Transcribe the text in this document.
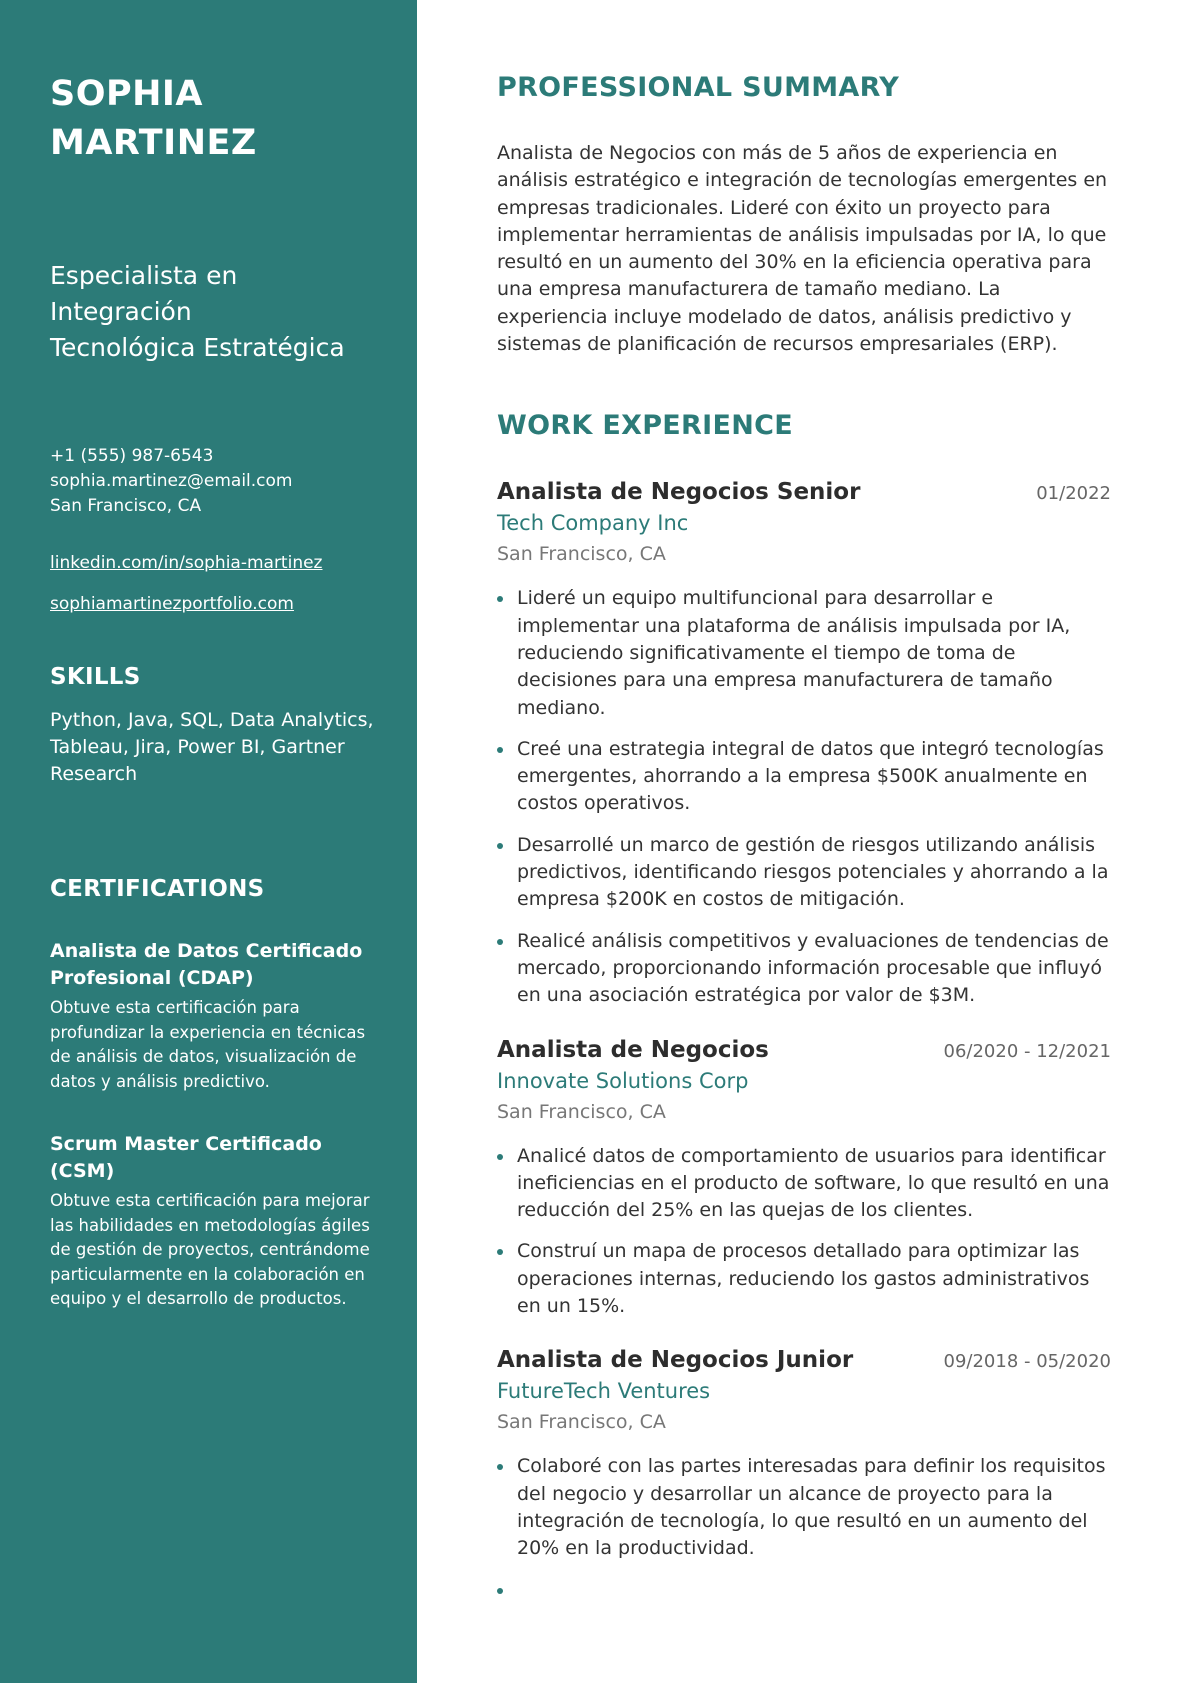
SOPHIA
MARTINEZ
Especialista en Integración
Tecnológica Estratégica
+1 (555) 987-6543
sophia.martinez@email.com
San Francisco, CA
linkedin.com/in/sophia-martinez
sophiamartinezportfolio.com
SKILLS
Python, Java, SQL, Data Analytics, Tableau, Jira, Power BI, Gartner Research
CERTIFICATIONS
Analista de Datos Certificado Profesional (CDAP)
Obtuve esta certificación para profundizar la experiencia en técnicas de análisis de datos, visualización de datos y análisis predictivo.
Scrum Master Certificado (CSM)
Obtuve esta certificación para mejorar las habilidades en metodologías ágiles de gestión de proyectos, centrándome particularmente en la colaboración en equipo y el desarrollo de productos.
PROFESSIONAL SUMMARY

Analista de Negocios con más de 5 años de experiencia en análisis estratégico e integración de tecnologías emergentes en empresas tradicionales. Lideré con éxito un proyecto para implementar herramientas de análisis impulsadas por IA, lo que resultó en un aumento del 30% en la eficiencia operativa para una empresa manufacturera de tamaño mediano. La experiencia incluye modelado de datos, análisis predictivo y sistemas de planificación de recursos empresariales (ERP).

WORK EXPERIENCE
Analista de Negocios Senior	01/2022
Tech Company Inc
San Francisco, CA
Lideré un equipo multifuncional para desarrollar e implementar una plataforma de análisis impulsada por IA, reduciendo significativamente el tiempo de toma de decisiones para una empresa manufacturera de tamaño mediano.
Creé una estrategia integral de datos que integró tecnologías emergentes, ahorrando a la empresa $500K anualmente en costos operativos.
Desarrollé un marco de gestión de riesgos utilizando análisis predictivos, identificando riesgos potenciales y ahorrando a la empresa $200K en costos de mitigación.
Realicé análisis competitivos y evaluaciones de tendencias de mercado, proporcionando información procesable que influyó en una asociación estratégica por valor de $3M.
Analista de Negocios	06/2020 - 12/2021
Innovate Solutions Corp
San Francisco, CA
Analicé datos de comportamiento de usuarios para identificar ineficiencias en el producto de software, lo que resultó en una reducción del 25% en las quejas de los clientes.
Construí un mapa de procesos detallado para optimizar las operaciones internas, reduciendo los gastos administrativos en un 15%.
Analista de Negocios Junior	09/2018 - 05/2020
FutureTech Ventures
San Francisco, CA
Colaboré con las partes interesadas para definir los requisitos del negocio y desarrollar un alcance de proyecto para la integración de tecnología, lo que resultó en un aumento del 20% en la productividad.
